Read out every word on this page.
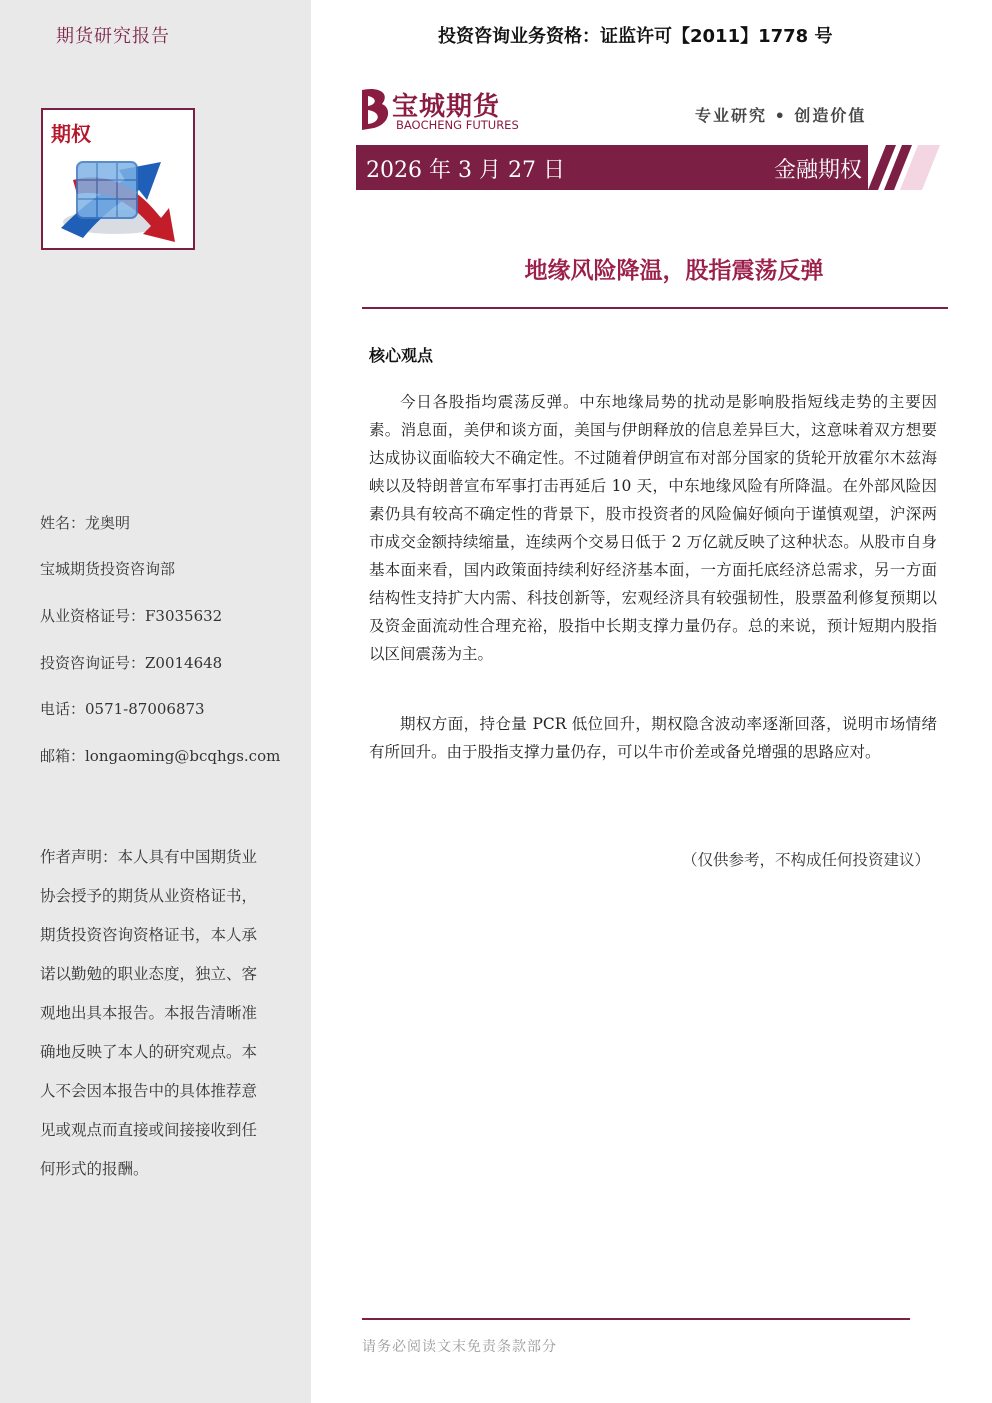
期货研究报告
期权
姓名：龙奥明
宝城期货投资咨询部
从业资格证号：F3035632
投资咨询证号：Z0014648
电话：0571-87006873
邮箱：longaoming@bcqhgs.com
作者声明：本人具有中国期货业协会授予的期货从业资格证书，期货投资咨询资格证书，本人承诺以勤勉的职业态度，独立、客观地出具本报告。本报告清晰准确地反映了本人的研究观点。本人不会因本报告中的具体推荐意见或观点而直接或间接接收到任何形式的报酬。
投资咨询业务资格：证监许可【2011】1778 号
宝城期货
BAOCHENG FUTURES	专业研究 • 创造价值
2026 年 3 月 27 日	金融期权
地缘风险降温，股指震荡反弹
核心观点

今日各股指均震荡反弹。中东地缘局势的扰动是影响股指短线走势的主要因素。消息面，美伊和谈方面，美国与伊朗释放的信息差异巨大，这意味着双方想要达成协议面临较大不确定性。不过随着伊朗宣布对部分国家的货轮开放霍尔木兹海峡以及特朗普宣布军事打击再延后 10 天，中东地缘风险有所降温。在外部风险因素仍具有较高不确定性的背景下，股市投资者的风险偏好倾向于谨慎观望，沪深两市成交金额持续缩量，连续两个交易日低于 2 万亿就反映了这种状态。从股市自身基本面来看，国内政策面持续利好经济基本面，一方面托底经济总需求，另一方面结构性支持扩大内需、科技创新等，宏观经济具有较强韧性，股票盈利修复预期以及资金面流动性合理充裕，股指中长期支撑力量仍存。总的来说，预计短期内股指以区间震荡为主。

期权方面，持仓量 PCR 低位回升，期权隐含波动率逐渐回落，说明市场情绪有所回升。由于股指支撑力量仍存，可以牛市价差或备兑增强的思路应对。

（仅供参考，不构成任何投资建议）
请务必阅读文末免责条款部分
